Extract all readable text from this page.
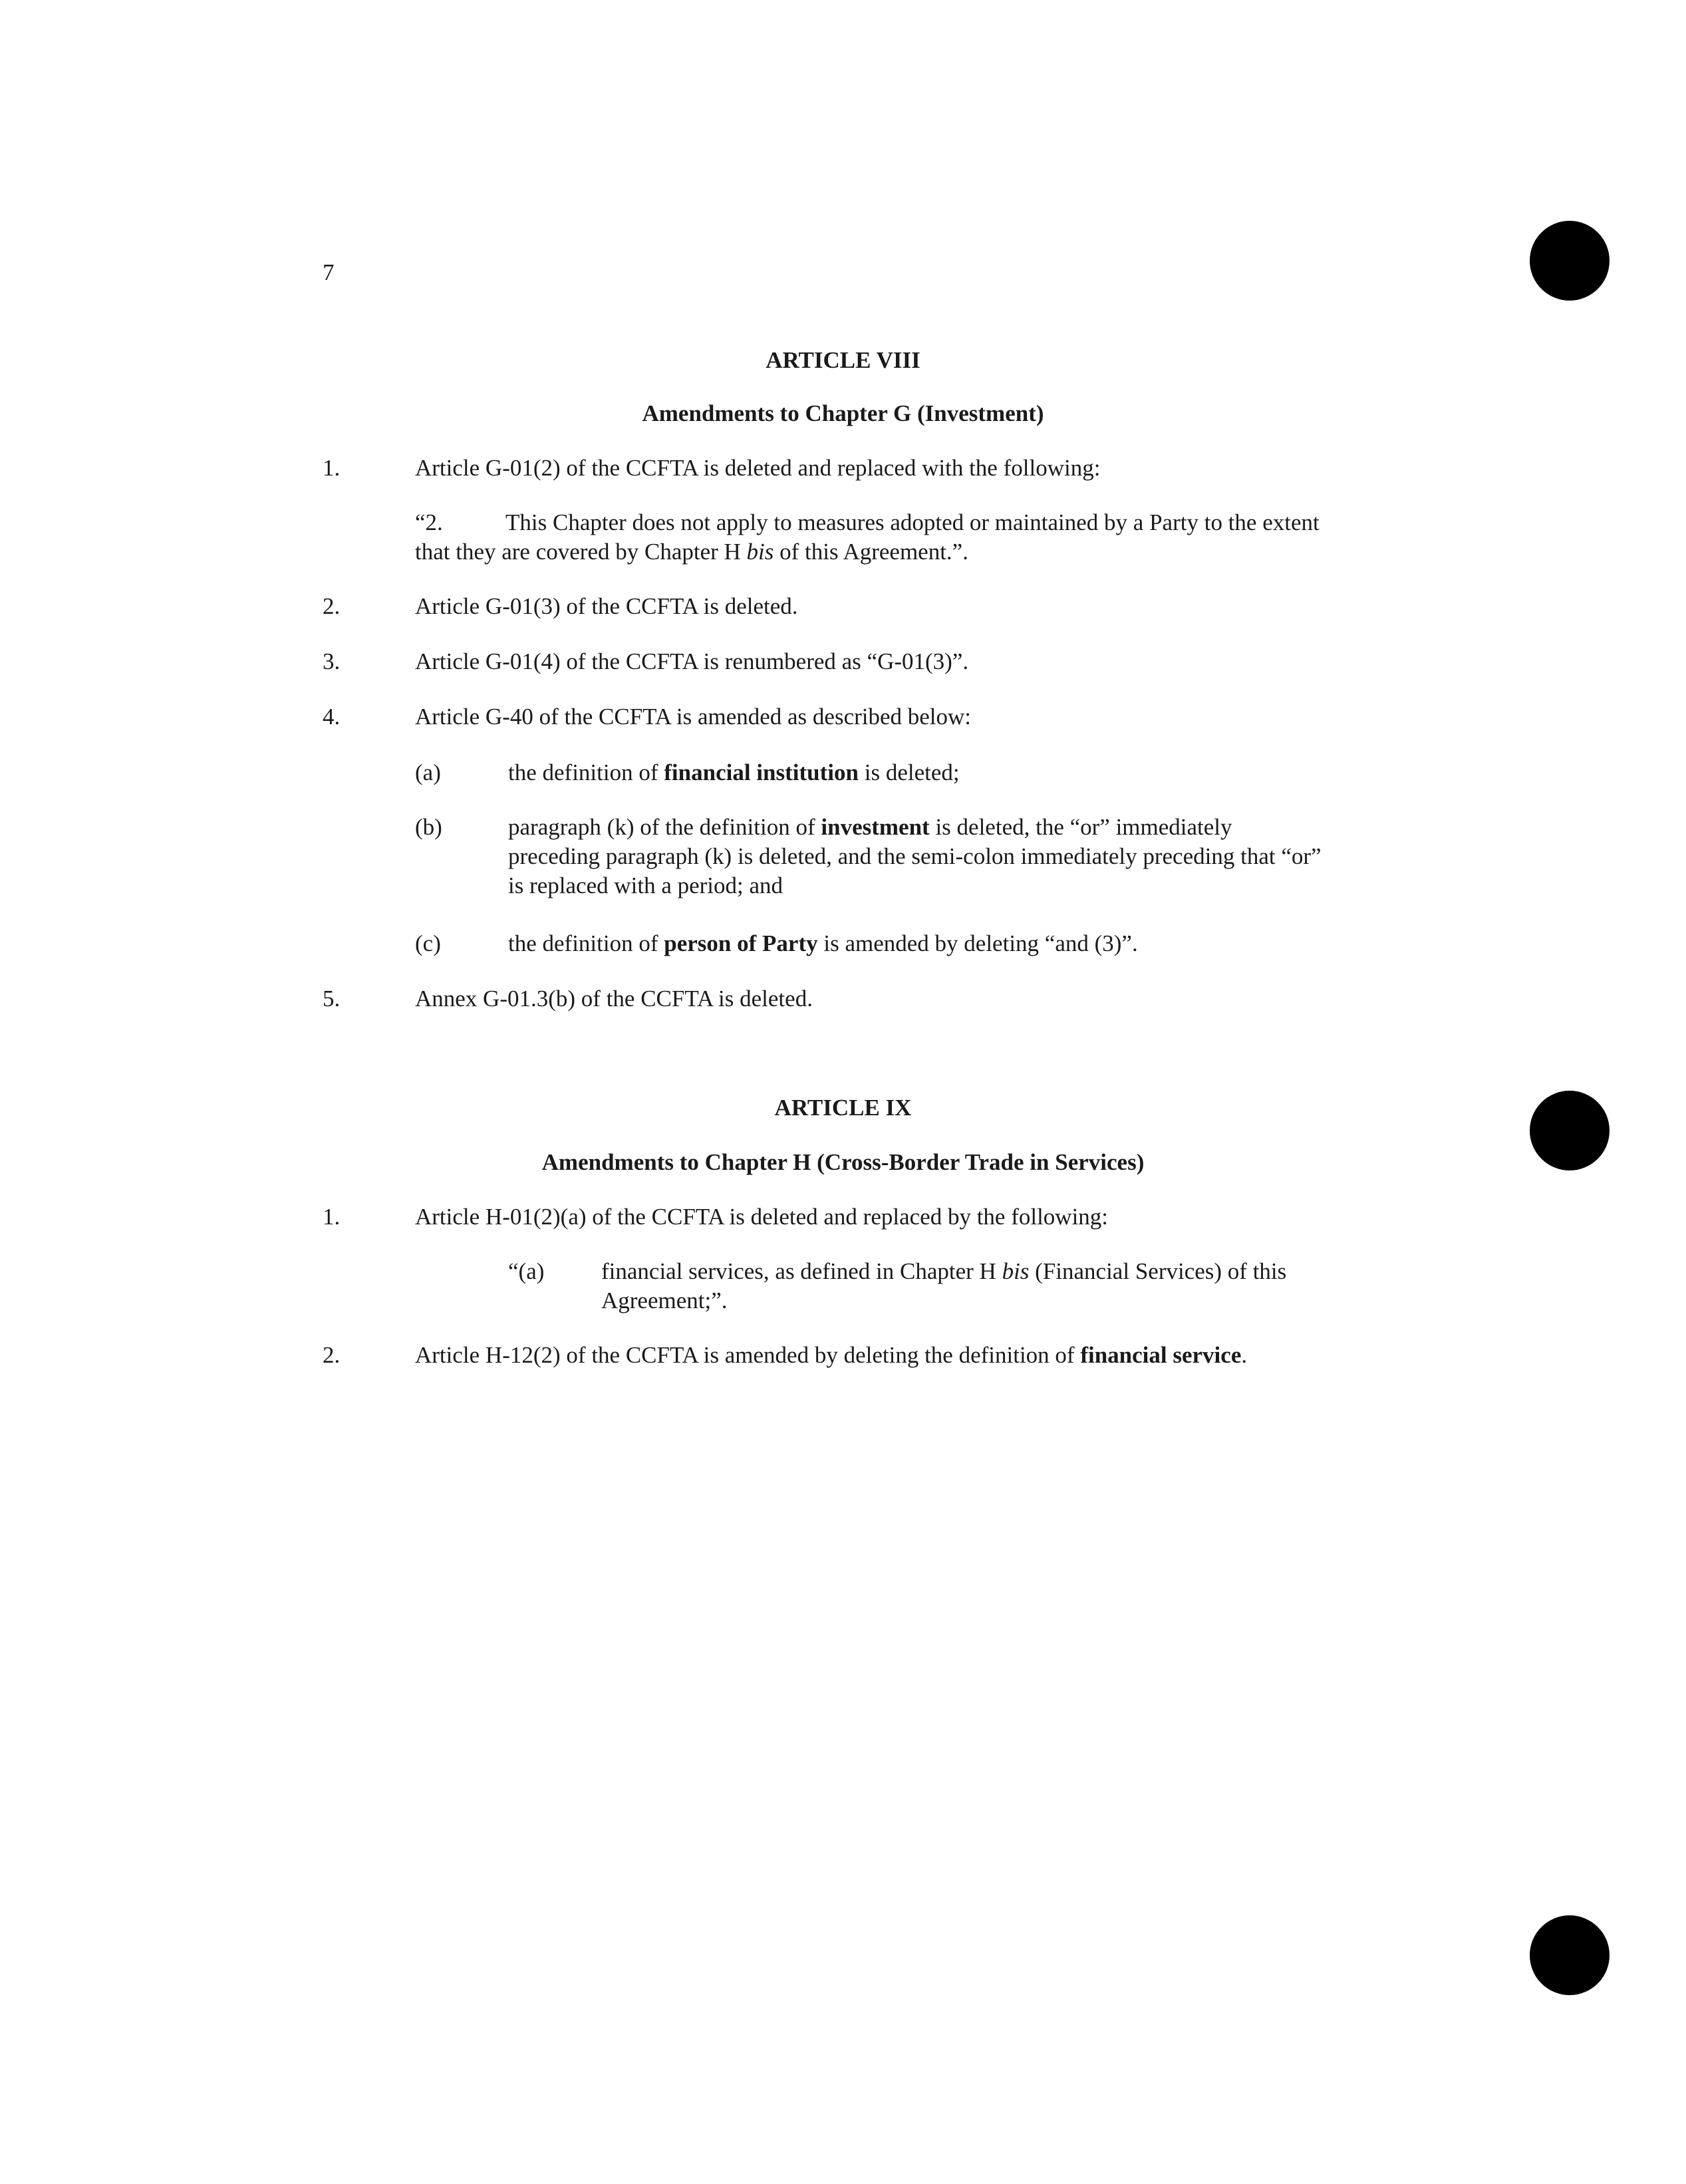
7
ARTICLE VIII
Amendments to Chapter G (Investment)
1.	Article G-01(2) of the CCFTA is deleted and replaced with the following:
“2.	This Chapter does not apply to measures adopted or maintained by a Party to the extent that they are covered by Chapter H bis of this Agreement.”.
2.	Article G-01(3) of the CCFTA is deleted.
3.	Article G-01(4) of the CCFTA is renumbered as “G-01(3)”.
4.	Article G-40 of the CCFTA is amended as described below:
(a)	the definition of financial institution is deleted;
(b)	paragraph (k) of the definition of investment is deleted, the “or” immediately preceding paragraph (k) is deleted, and the semi-colon immediately preceding that “or” is replaced with a period; and
(c)	the definition of person of Party is amended by deleting “and (3)”.
5.	Annex G-01.3(b) of the CCFTA is deleted.
ARTICLE IX
Amendments to Chapter H (Cross-Border Trade in Services)
1.	Article H-01(2)(a) of the CCFTA is deleted and replaced by the following:
“(a)	financial services, as defined in Chapter H bis (Financial Services) of this Agreement;”.
2.	Article H-12(2) of the CCFTA is amended by deleting the definition of financial service.
